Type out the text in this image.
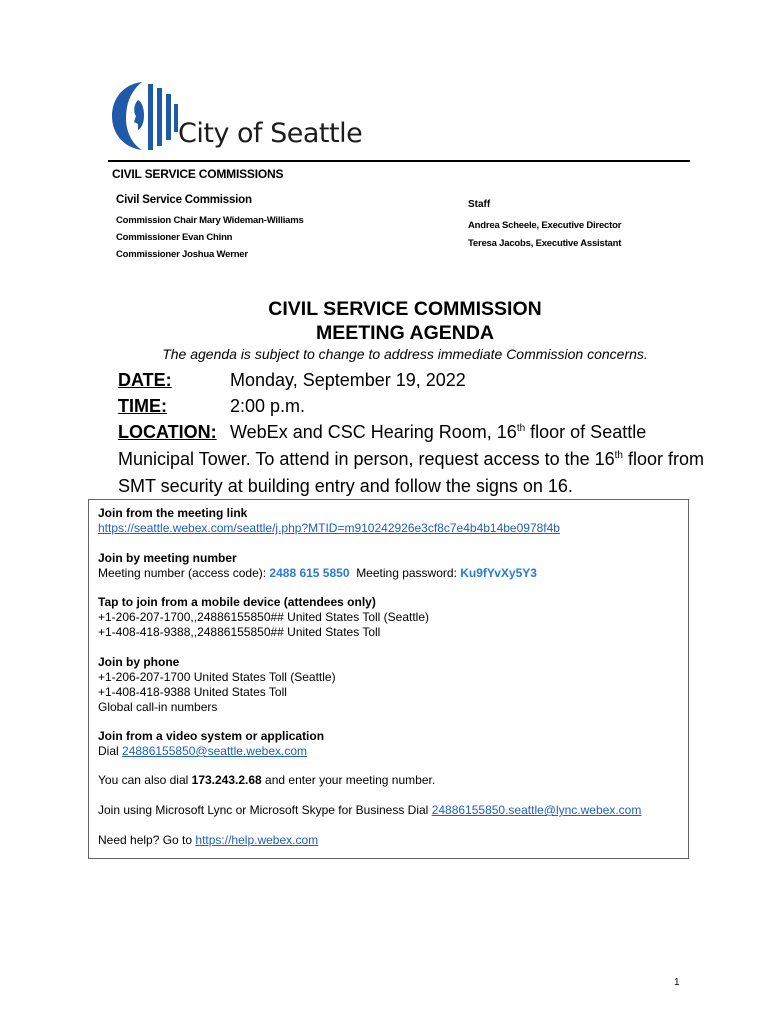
City of Seattle
CIVIL SERVICE COMMISSIONS
Civil Service Commission
Commission Chair Mary Wideman-Williams
Commissioner Evan Chinn
Commissioner Joshua Werner
Staff
Andrea Scheele, Executive Director
Teresa Jacobs, Executive Assistant
CIVIL SERVICE COMMISSION
MEETING AGENDA
The agenda is subject to change to address immediate Commission concerns.
DATE:	Monday, September 19, 2022
TIME:	2:00 p.m.
LOCATION: WebEx and CSC Hearing Room, 16th floor of Seattle
Municipal Tower. To attend in person, request access to the 16th floor from
SMT security at building entry and follow the signs on 16.
Join from the meeting link
https://seattle.webex.com/seattle/j.php?MTID=m910242926e3cf8c7e4b4b14be0978f4b
Join by meeting number
Meeting number (access code): 2488 615 5850 Meeting password: Ku9fYvXy5Y3
Tap to join from a mobile device (attendees only)
+1-206-207-1700,,24886155850## United States Toll (Seattle)
+1-408-418-9388,,24886155850## United States Toll
Join by phone
+1-206-207-1700 United States Toll (Seattle)
+1-408-418-9388 United States Toll
Global call-in numbers
Join from a video system or application
Dial 24886155850@seattle.webex.com
You can also dial 173.243.2.68 and enter your meeting number.
Join using Microsoft Lync or Microsoft Skype for Business Dial 24886155850.seattle@lync.webex.com
Need help? Go to https://help.webex.com
1
